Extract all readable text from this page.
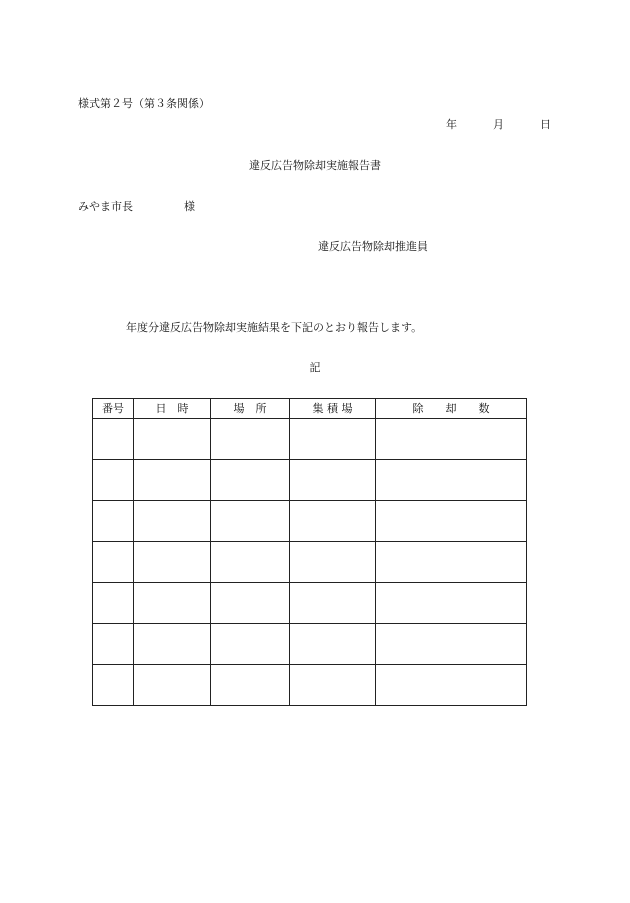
様式第２号（第３条関係）
年	月	日
違反広告物除却実施報告書
みやま市長	様
違反広告物除却推進員
年度分違反広告物除却実施結果を下記のとおり報告します。
記
番号	日　時	場　所	集 積 場	除　　却　　数
